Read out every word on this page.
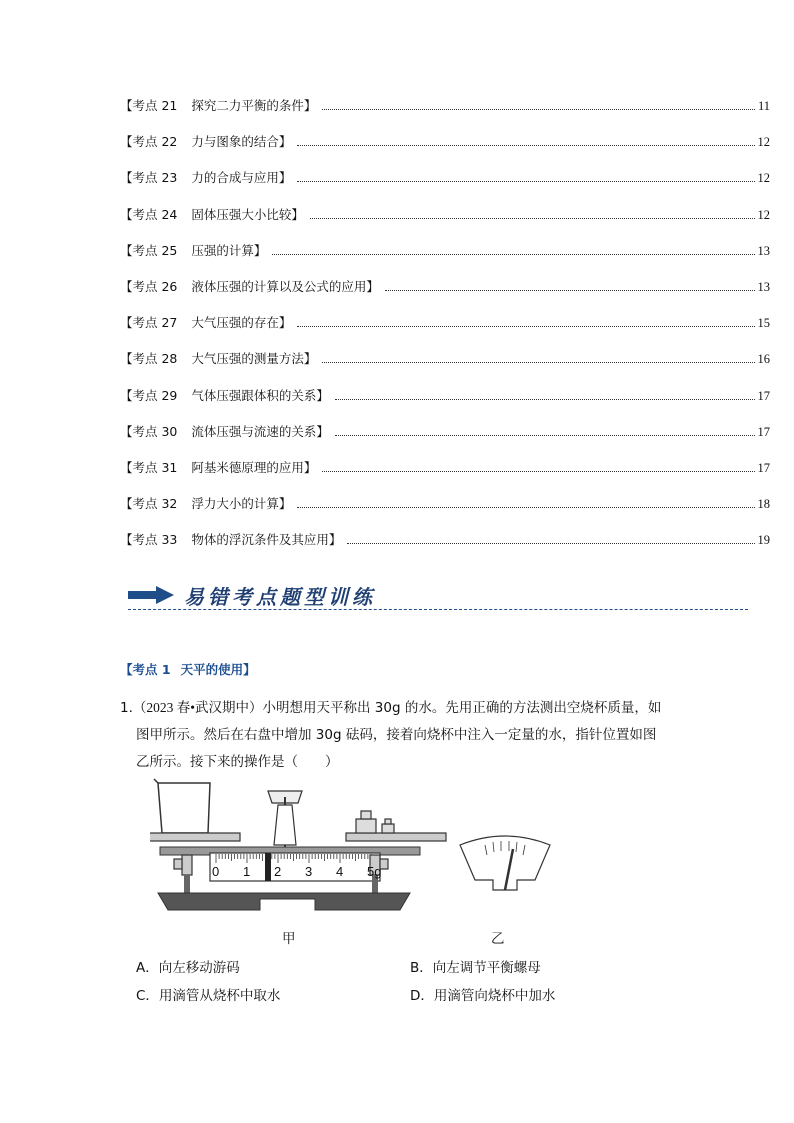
【考点 21 探究二力平衡的条件】	11
【考点 22 力与图象的结合】	12
【考点 23 力的合成与应用】	12
【考点 24 固体压强大小比较】	12
【考点 25 压强的计算】	13
【考点 26 液体压强的计算以及公式的应用】	13
【考点 27 大气压强的存在】	15
【考点 28 大气压强的测量方法】	16
【考点 29 气体压强跟体积的关系】	17
【考点 30 流体压强与流速的关系】	17
【考点 31 阿基米德原理的应用】	17
【考点 32 浮力大小的计算】	18
【考点 33 物体的浮沉条件及其应用】	19
易错考点题型训练
【考点 1 天平的使用】

1.（2023 春•武汉期中）小明想用天平称出 30g 的水。先用正确的方法测出空烧杯质量，如

图甲所示。然后在右盘中增加 30g 砝码，接着向烧杯中注入一定量的水，指针位置如图

乙所示。接下来的操作是（　　）

0 1 2 3 4 5g
甲	乙
A．向左移动游码	B．向左调节平衡螺母
C．用滴管从烧杯中取水	D．用滴管向烧杯中加水
